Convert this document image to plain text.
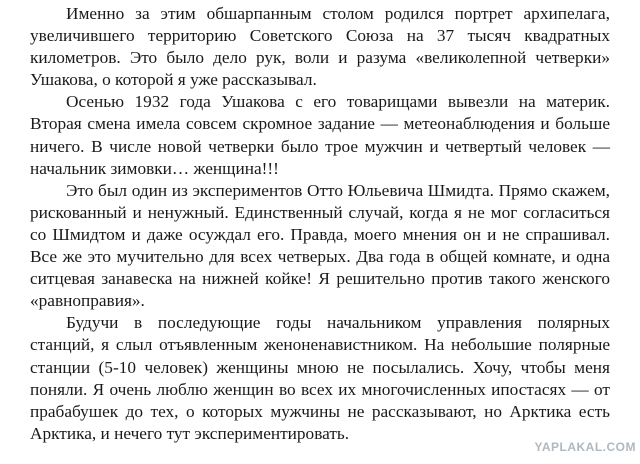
Именно за этим обшарпанным столом родился портрет архипелага, увеличившего территорию Советского Союза на 37 тысяч квадратных километров. Это было дело рук, воли и разума «великолепной четверки» Ушакова, о которой я уже рассказывал.

Осенью 1932 года Ушакова с его товарищами вывезли на материк. Вторая смена имела совсем скромное задание — метеонаблюдения и больше ничего. В числе новой четверки было трое мужчин и четвертый человек — начальник зимовки… женщина!!!

Это был один из экспериментов Отто Юльевича Шмидта. Прямо скажем, рискованный и ненужный. Единственный случай, когда я не мог согласиться со Шмидтом и даже осуждал его. Правда, моего мнения он и не спрашивал. Все же это мучительно для всех четверых. Два года в общей комнате, и одна ситцевая занавеска на нижней койке! Я решительно против такого женского «равноправия».

Будучи в последующие годы начальником управления полярных станций, я слыл отъявленным женоненавистником. На небольшие полярные станции (5-10 человек) женщины мною не посылались. Хочу, чтобы меня поняли. Я очень люблю женщин во всех их многочисленных ипостасях — от прабабушек до тех, о которых мужчины не рассказывают, но Арктика есть Арктика, и нечего тут экспериментировать.

YAPLAKAL.COM
